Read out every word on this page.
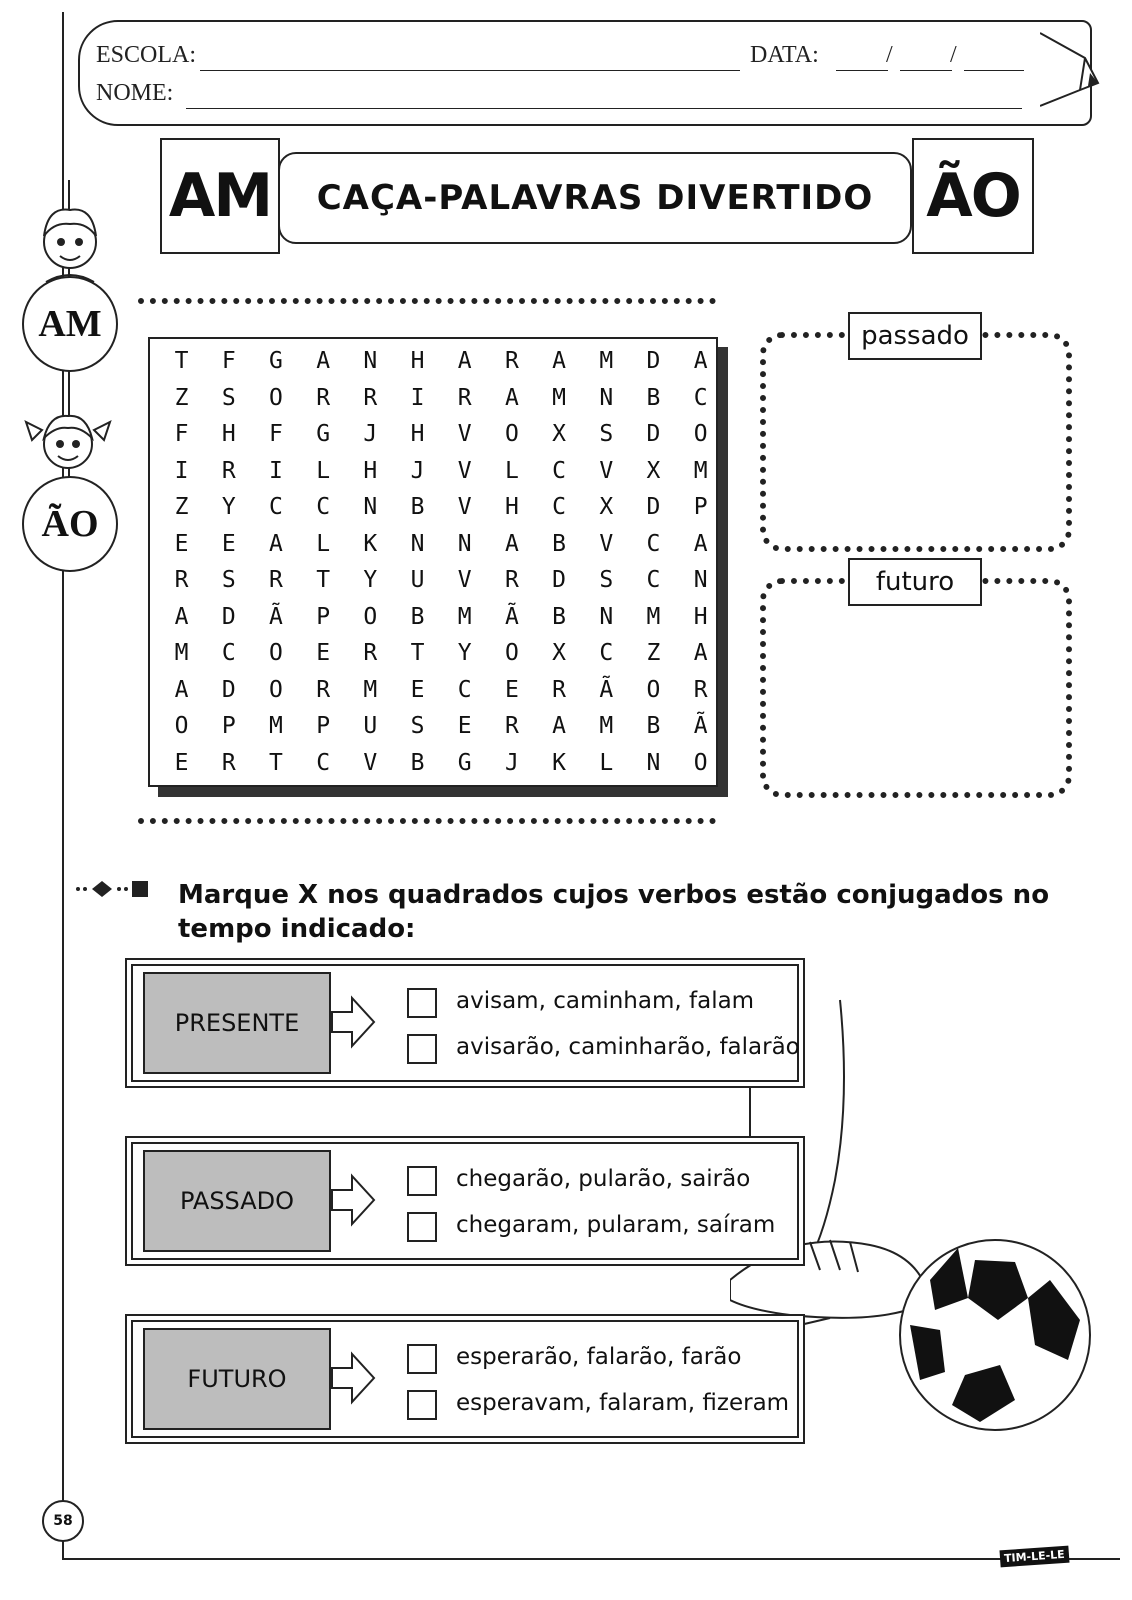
ESCOLA:	DATA:	/ /
NOME:
AM	CAÇA-PALAVRAS DIVERTIDO ÃO
AM
ÃO
T	F	G	A	N	H	A	R	A	M	D	A
Z	S	O	R	R	I	R	A	M	N	B	C
F	H	F	G	J	H	V	O	X	S	D	O
I	R	I	L	H	J	V	L	C	V	X	M
Z	Y	C	C	N	B	V	H	C	X	D	P
E	E	A	L	K	N	N	A	B	V	C	A
R	S	R	T	Y	U	V	R	D	S	C	N
A	D	Ã	P	O	B	M	Ã	B	N	M	H
M	C	O	E	R	T	Y	O	X	C	Z	A
A	D	O	R	M	E	C	E	R	Ã	O	R
O	P	M	P	U	S	E	R	A	M	B	Ã
E	R	T	C	V	B	G	J	K	L	N	O
passado
futuro
Marque X nos quadrados cujos verbos estão conjugados no
tempo indicado:
PRESENTE
PASSADO
FUTURO
avisam, caminham, falam
avisarão, caminharão, falarão
chegarão, pularão, sairão
chegaram, pularam, saíram
esperarão, falarão, farão
esperavam, falaram, fizeram
58
TIM-LE-LE
